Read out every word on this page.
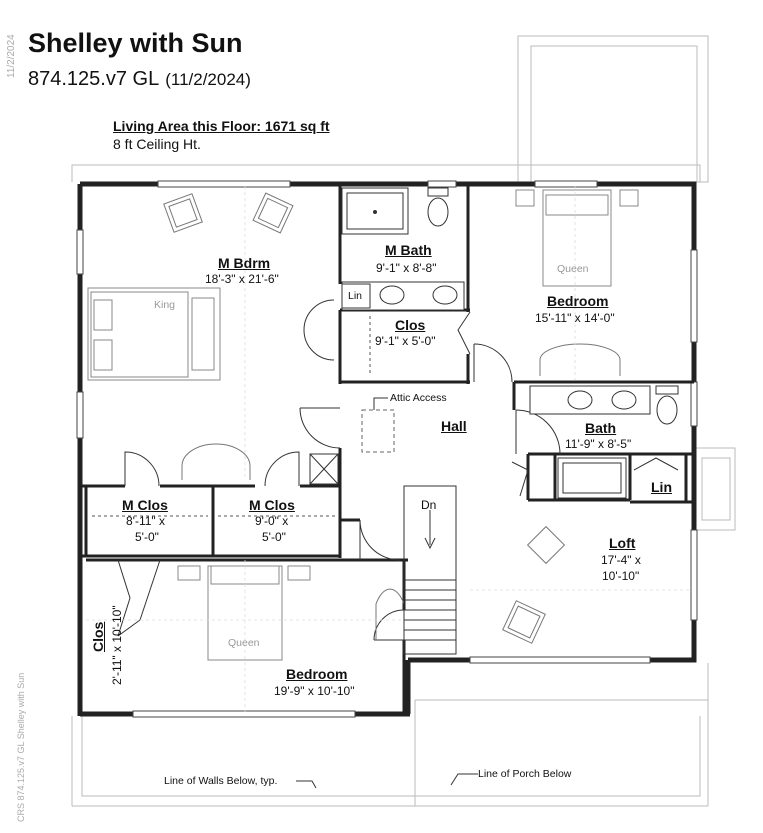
Shelley with Sun
874.125.v7 GL (11/2/2024)
Living Area this Floor: 1671 sq ft
8 ft Ceiling Ht.
11/2/2024
CRS 874.125.v7 GL Shelley with Sun
M Bdrm
18'-3" x 21'-6"
M Bath
9'-1" x 8'-8"
Lin
Clos
9'-1" x 5'-0"
Bedroom
15'-11" x 14'-0"
Hall
Attic Access
Bath
11'-9" x 8'-5"
Lin
M Clos
8'-11" x
5'-0"
M Clos
9'-0" x
5'-0"
Dn
Loft
17'-4" x
10'-10"
Clos 2'-11" x 10'-10"	Bedroom
19'-9" x 10'-10"
King
Queen
Queen
Line of Walls Below, typ.
Line of Porch Below
